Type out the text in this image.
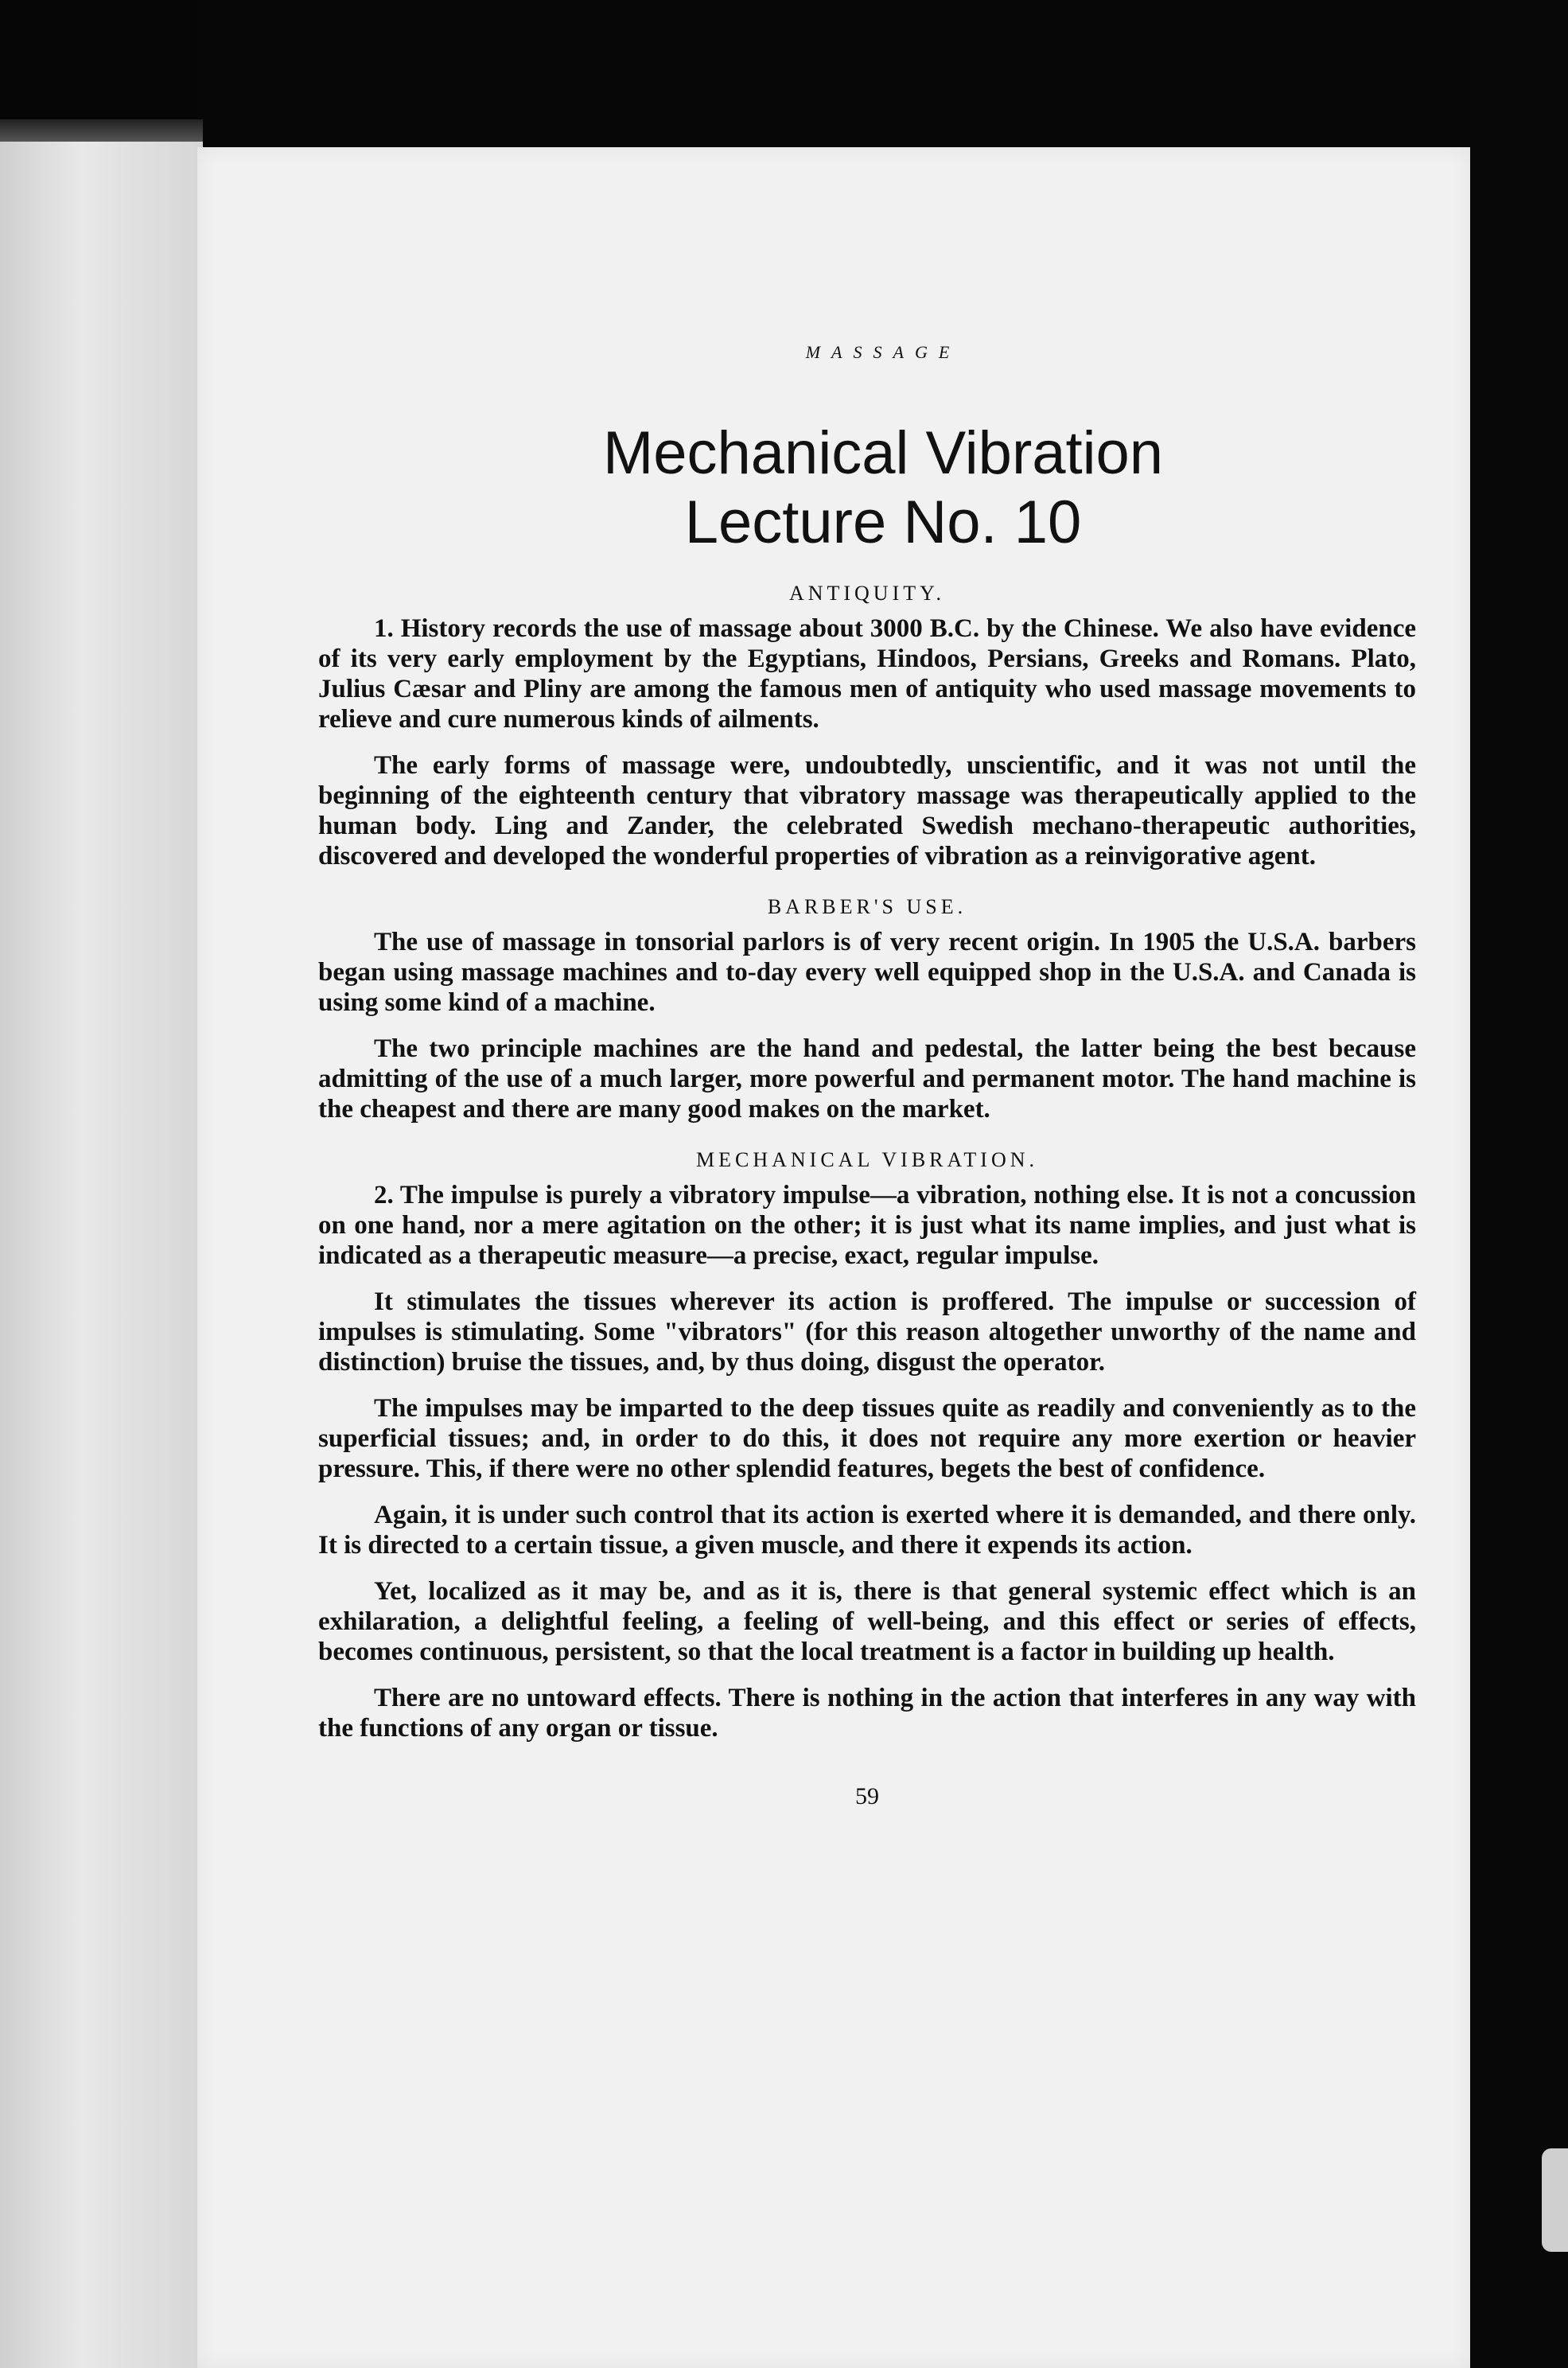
MASSAGE
Mechanical Vibration
Lecture No. 10
ANTIQUITY.

1. History records the use of massage about 3000 B.C. by the Chinese. We also have evidence of its very early employment by the Egyptians, Hindoos, Persians, Greeks and Romans. Plato, Julius Cæsar and Pliny are among the famous men of antiquity who used massage movements to relieve and cure numerous kinds of ailments.

The early forms of massage were, undoubtedly, unscientific, and it was not until the beginning of the eighteenth century that vibratory massage was therapeutically applied to the human body. Ling and Zander, the celebrated Swedish mechano-therapeutic authorities, discovered and developed the wonderful properties of vibration as a reinvigorative agent.

BARBER'S USE.

The use of massage in tonsorial parlors is of very recent origin. In 1905 the U.S.A. barbers began using massage machines and to-day every well equipped shop in the U.S.A. and Canada is using some kind of a machine.

The two principle machines are the hand and pedestal, the latter being the best because admitting of the use of a much larger, more powerful and permanent motor. The hand machine is the cheapest and there are many good makes on the market.

MECHANICAL VIBRATION.

2. The impulse is purely a vibratory impulse—a vibration, nothing else. It is not a concussion on one hand, nor a mere agitation on the other; it is just what its name implies, and just what is indicated as a therapeutic measure—a precise, exact, regular impulse.

It stimulates the tissues wherever its action is proffered. The impulse or succession of impulses is stimulating. Some "vibrators" (for this reason altogether unworthy of the name and distinction) bruise the tissues, and, by thus doing, disgust the operator.

The impulses may be imparted to the deep tissues quite as readily and conveniently as to the superficial tissues; and, in order to do this, it does not require any more exertion or heavier pressure. This, if there were no other splendid features, begets the best of confidence.

Again, it is under such control that its action is exerted where it is demanded, and there only. It is directed to a certain tissue, a given muscle, and there it expends its action.

Yet, localized as it may be, and as it is, there is that general systemic effect which is an exhilaration, a delightful feeling, a feeling of well-being, and this effect or series of effects, becomes continuous, persistent, so that the local treatment is a factor in building up health.

There are no untoward effects. There is nothing in the action that interferes in any way with the functions of any organ or tissue.

59
